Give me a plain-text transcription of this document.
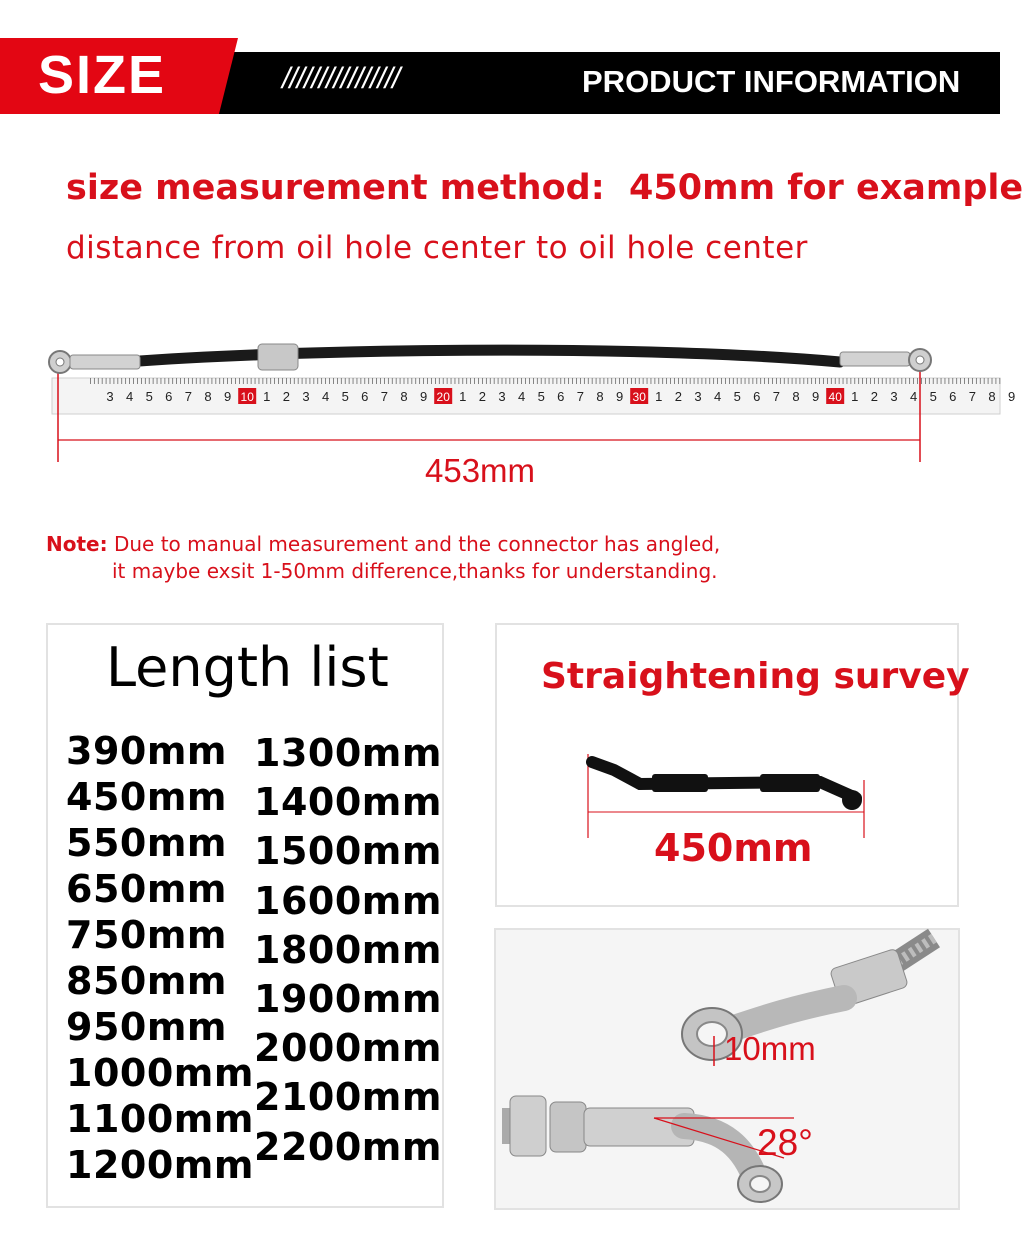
SIZE	////////////////	PRODUCT INFORMATION
size measurement method:  450mm for example
distance from oil hole center to oil hole center
3 4 5 6 7 8 9 10 1 2 3 4 5 6 7 8 9 20 1 2 3 4 5 6 7 8 9 30 1 2 3 4 5 6 7 8 9 40 1 2 3 4 5 6 7 8 9
453mm
Note: Due to manual measurement and the connector has angled,
it maybe exsit 1-50mm difference,thanks for understanding.
Length list
390mm
450mm
550mm
650mm
750mm
850mm
950mm
1000mm
1100mm
1200mm
1300mm
1400mm
1500mm
1600mm
1800mm
1900mm
2000mm
2100mm
2200mm
Straightening survey
450mm
10mm
28°
